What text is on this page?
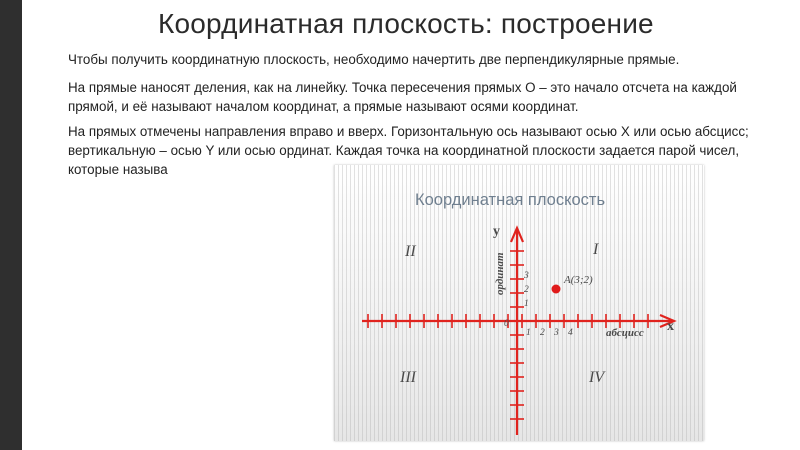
Координатная плоскость: построение
Чтобы получить координатную плоскость, необходимо начертить две перпендикулярные прямые.
На прямые наносят деления, как на линейку. Точка пересечения прямых О – это начало отсчета на каждой прямой, и её называют началом координат, а прямые называют осями координат.
На прямых отмечены направления вправо и вверх. Горизонтальную ось называют осью Х или осью абсцисс; вертикальную – осью Y или осью ординат. Каждая точка на координатной плоскости задается парой чисел, которые называ
Координатная плоскость
y
x
абсцисс
ординат
0
1 2 3 4
1
2
3
I
II
III	IV
A(3;2)
